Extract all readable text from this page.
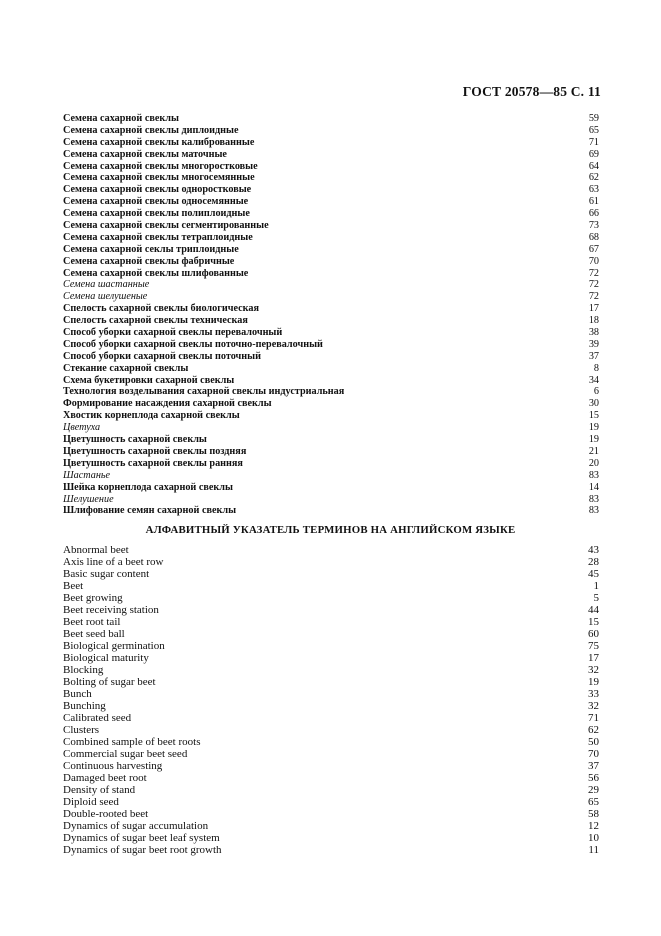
ГОСТ 20578—85 С. 11
Семена сахарной свеклы	59
Семена сахарной свеклы диплоидные	65
Семена сахарной свеклы калиброванные	71
Семена сахарной свеклы маточные	69
Семена сахарной свеклы многоростковые	64
Семена сахарной свеклы многосемянные	62
Семена сахарной свеклы одноростковые	63
Семена сахарной свеклы односемянные	61
Семена сахарной свеклы полиплоидные	66
Семена сахарной свеклы сегментированные	73
Семена сахарной свеклы тетраплоидные	68
Семена сахарной секлы триплоидные	67
Семена сахарной свеклы фабричные	70
Семена сахарной свеклы шлифованные	72
Семена шастанные	72
Семена шелушеные	72
Спелость сахарной свеклы биологическая	17
Спелость сахарной свеклы техническая	18
Способ уборки сахарной свеклы перевалочный	38
Способ уборки сахарной свеклы поточно-перевалочный	39
Способ уборки сахарной свеклы поточный	37
Стекание сахарной свеклы	8
Схема букетировки сахарной свеклы	34
Технология возделывания сахарной свеклы индустриальная	6
Формирование насаждения сахарной свеклы	30
Хвостик корнеплода сахарной свеклы	15
Цветуха	19
Цветушность сахарной свеклы	19
Цветушность сахарной свеклы поздняя	21
Цветушность сахарной свеклы ранняя	20
Шастанье	83
Шейка корнеплода сахарной свеклы	14
Шелушение	83
Шлифование семян сахарной свеклы	83
АЛФАВИТНЫЙ УКАЗАТЕЛЬ ТЕРМИНОВ НА АНГЛИЙСКОМ ЯЗЫКЕ
Abnormal beet	43
Axis line of a beet row	28
Basic sugar content	45
Beet	1
Beet growing	5
Beet receiving station	44
Beet root tail	15
Beet seed ball	60
Biological germination	75
Biological maturity	17
Blocking	32
Bolting of sugar beet	19
Bunch	33
Bunching	32
Calibrated seed	71
Clusters	62
Combined sample of beet roots	50
Commercial sugar beet seed	70
Continuous harvesting	37
Damaged beet root	56
Density of stand	29
Diploid seed	65
Double-rooted beet	58
Dynamics of sugar accumulation	12
Dynamics of sugar beet leaf system	10
Dynamics of sugar beet root growth	11
